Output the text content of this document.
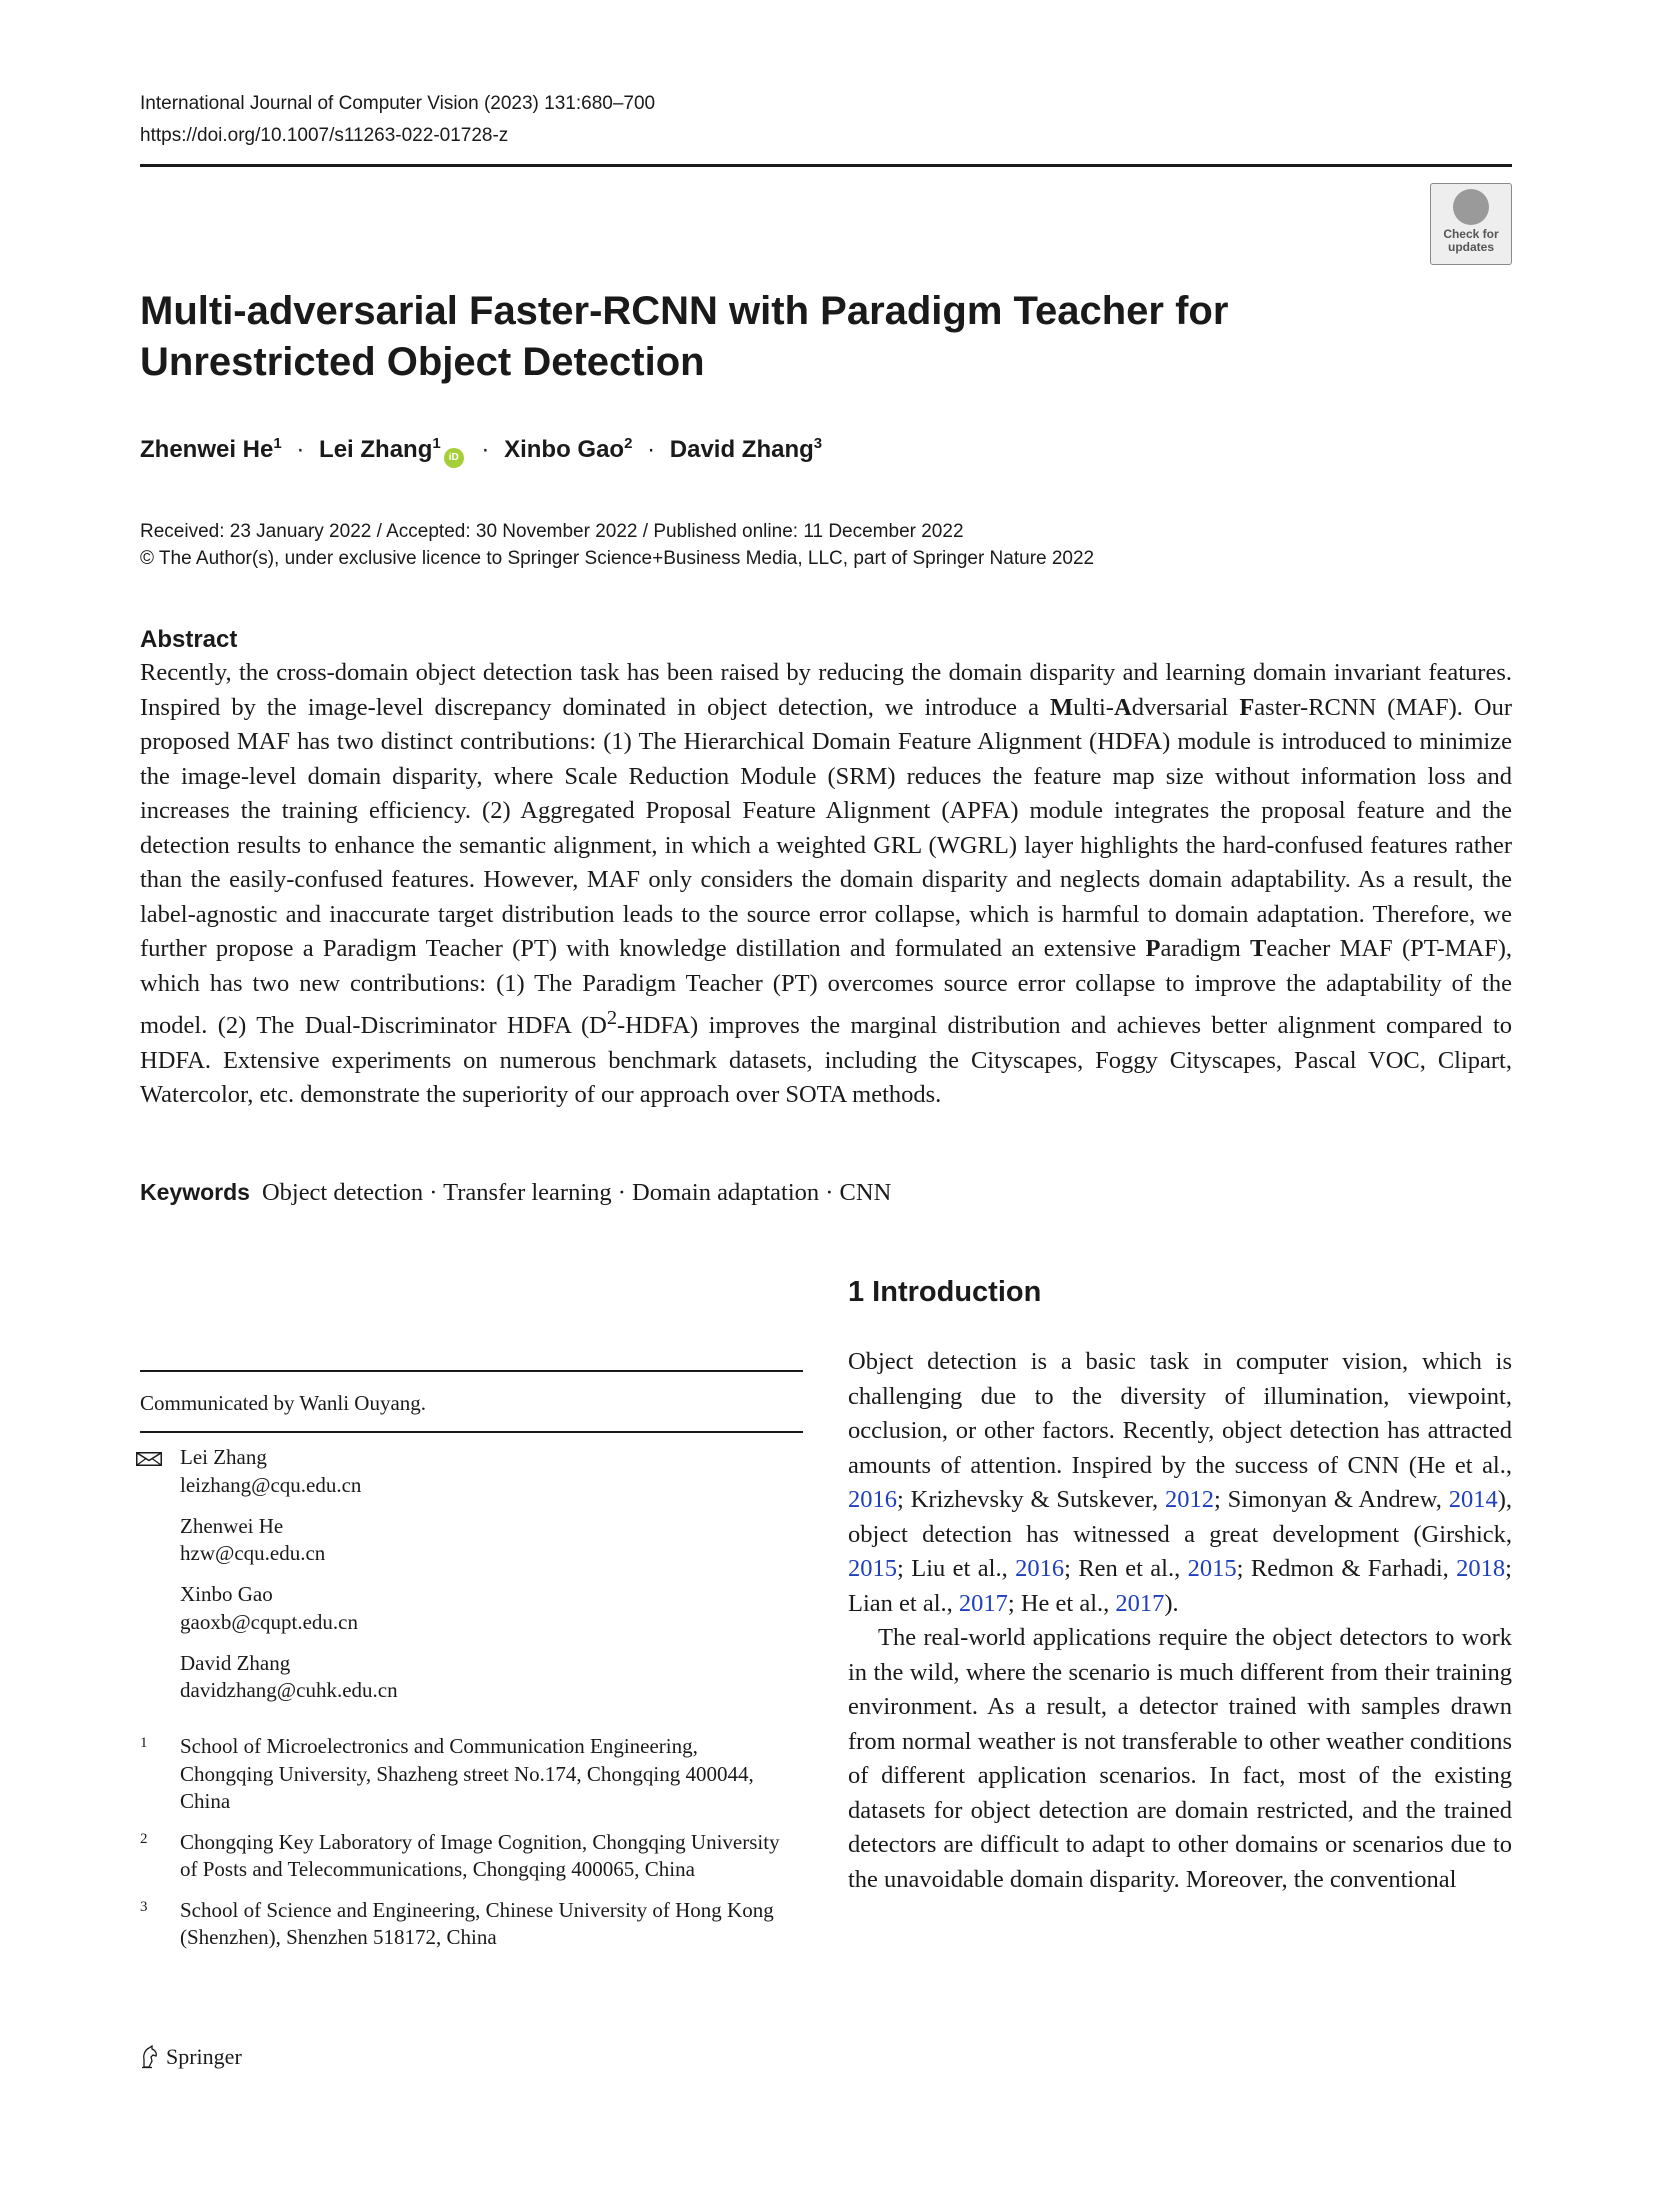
International Journal of Computer Vision (2023) 131:680–700
https://doi.org/10.1007/s11263-022-01728-z
Check for
updates
Multi-adversarial Faster-RCNN with Paradigm Teacher for Unrestricted Object Detection
Zhenwei $He^1$ · Lei Zhang$^1$iD · Xinbo Gao$^2$ · David Zhang$^3$
Received: 23 January 2022 / Accepted: 30 November 2022 / Published online: 11 December 2022
© The Author(s), under exclusive licence to Springer Science+Business Media, LLC, part of Springer Nature 2022
Abstract
Recently, the cross-domain object detection task has been raised by reducing the domain disparity and learning domain invariant features. Inspired by the image-level discrepancy dominated in object detection, we introduce a Multi-Adversarial Faster-RCNN (MAF). Our proposed MAF has two distinct contributions: (1) The Hierarchical Domain Feature Alignment (HDFA) module is introduced to minimize the image-level domain disparity, where Scale Reduction Module (SRM) reduces the feature map size without information loss and increases the training efficiency. (2) Aggregated Proposal Feature Alignment (APFA) module integrates the proposal feature and the detection results to enhance the semantic alignment, in which a weighted GRL (WGRL) layer highlights the hard-confused features rather than the easily-confused features. However, MAF only considers the domain disparity and neglects domain adaptability. As a result, the label-agnostic and inaccurate target distribution leads to the source error collapse, which is harmful to domain adaptation. Therefore, we further propose a Paradigm Teacher (PT) with knowledge distillation and formulated an extensive Paradigm Teacher MAF (PT-MAF), which has two new contributions: (1) The Paradigm Teacher (PT) overcomes source error collapse to improve the adaptability of the model. (2) The Dual-Discriminator HDFA $(D^2-HDFA)$ improves the marginal distribution and achieves better alignment compared to HDFA. Extensive experiments on numerous benchmark datasets, including the Cityscapes, Foggy Cityscapes, Pascal VOC, Clipart, Watercolor, etc. demonstrate the superiority of our approach over SOTA methods.
Keywords Object detection · Transfer learning · Domain adaptation · CNN
1 Introduction

Object detection is a basic task in computer vision, which is challenging due to the diversity of illumination, viewpoint, occlusion, or other factors. Recently, object detection has attracted amounts of attention. Inspired by the success of CNN (He et al., 2016; Krizhevsky & Sutskever, 2012; Simonyan & Andrew, 2014), object detection has witnessed a great development (Girshick, 2015; Liu et al., 2016; Ren et al., 2015; Redmon & Farhadi, 2018; Lian et al., 2017; He et al., 2017).

The real-world applications require the object detectors to work in the wild, where the scenario is much different from their training environment. As a result, a detector trained with samples drawn from normal weather is not transferable to other weather conditions of different application scenarios. In fact, most of the existing datasets for object detection are domain restricted, and the trained detectors are difficult to adapt to other domains or scenarios due to the unavoidable domain disparity. Moreover, the conventional

Communicated by Wanli Ouyang.
Lei Zhang
leizhang@cqu.edu.cn
Zhenwei He
hzw@cqu.edu.cn
Xinbo Gao
gaoxb@cqupt.edu.cn
David Zhang
davidzhang@cuhk.edu.cn
1	School of Microelectronics and Communication Engineering, Chongqing University, Shazheng street No.174, Chongqing 400044, China
2	Chongqing Key Laboratory of Image Cognition, Chongqing University of Posts and Telecommunications, Chongqing 400065, China
3	School of Science and Engineering, Chinese University of Hong Kong (Shenzhen), Shenzhen 518172, China
Springer
